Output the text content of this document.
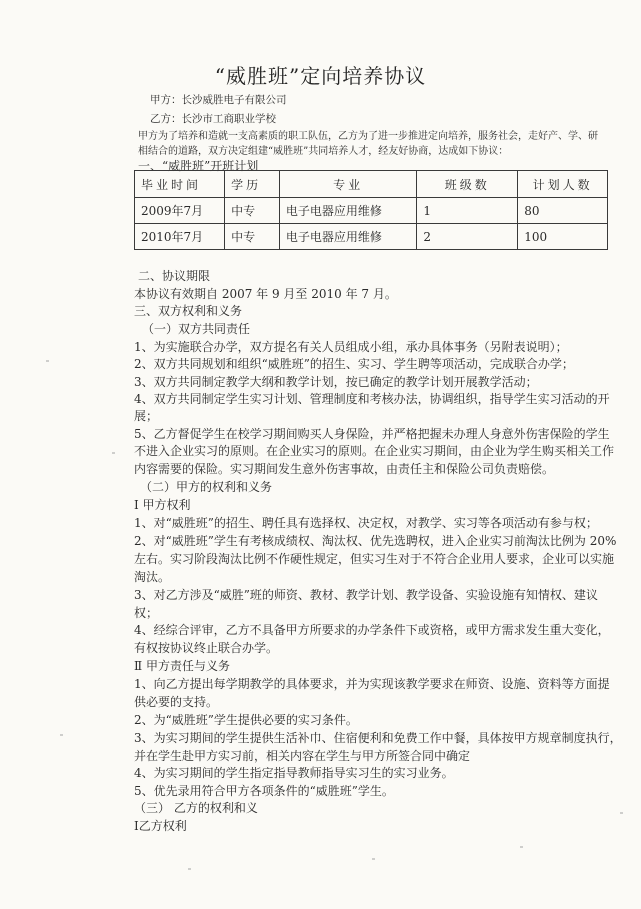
“威胜班”定向培养协议
甲方：长沙威胜电子有限公司
乙方：长沙市工商职业学校
甲方为了培养和造就一支高素质的职工队伍，乙方为了进一步推进定向培养，服务社会，走好产、学、研
相结合的道路，双方决定组建“威胜班”共同培养人才，经友好协商，达成如下协议：
一、“威胜班”开班计划
毕业时间	学历	专业	班级数	计划人数
2009年7月	中专	电子电器应用维修	1	80
2010年7月	中专	电子电器应用维修	2	100
二、协议期限
本协议有效期自 2007 年 9 月至 2010 年 7 月。
三、双方权利和义务
（一）双方共同责任
1、为实施联合办学，双方提名有关人员组成小组，承办具体事务（另附表说明）；
2、双方共同规划和组织“威胜班”的招生、实习、学生聘等项活动，完成联合办学；
3、双方共同制定教学大纲和教学计划，按已确定的教学计划开展教学活动；
4、双方共同制定学生实习计划、管理制度和考核办法，协调组织，指导学生实习活动的开
展；
5、乙方督促学生在校学习期间购买人身保险，并严格把握未办理人身意外伤害保险的学生
不进入企业实习的原则。在企业实习的原则。在企业实习期间，由企业为学生购买相关工作
内容需要的保险。实习期间发生意外伤害事故，由责任主和保险公司负责赔偿。
（二）甲方的权利和义务
Ⅰ 甲方权利
1、对“威胜班”的招生、聘任具有选择权、决定权，对教学、实习等各项活动有参与权；
2、对“威胜班”学生有考核成绩权、淘汰权、优先选聘权，进入企业实习前淘汰比例为 20%
左右。实习阶段淘汰比例不作硬性规定，但实习生对于不符合企业用人要求，企业可以实施
淘汰。
3、对乙方涉及“威胜”班的师资、教材、教学计划、教学设备、实验设施有知情权、建议
权；
4、经综合评审，乙方不具备甲方所要求的办学条件下或资格，或甲方需求发生重大变化，
有权按协议终止联合办学。
Ⅱ 甲方责任与义务
1、向乙方提出每学期教学的具体要求，并为实现该教学要求在师资、设施、资料等方面提
供必要的支持。
2、为“威胜班”学生提供必要的实习条件。
3、为实习期间的学生提供生活补巾、住宿便利和免费工作中餐，具体按甲方规章制度执行，
并在学生赴甲方实习前，相关内容在学生与甲方所签合同中确定
4、为实习期间的学生指定指导教师指导实习生的实习业务。
5、优先录用符合甲方各项条件的“威胜班”学生。
（三） 乙方的权利和义
Ⅰ乙方权利
